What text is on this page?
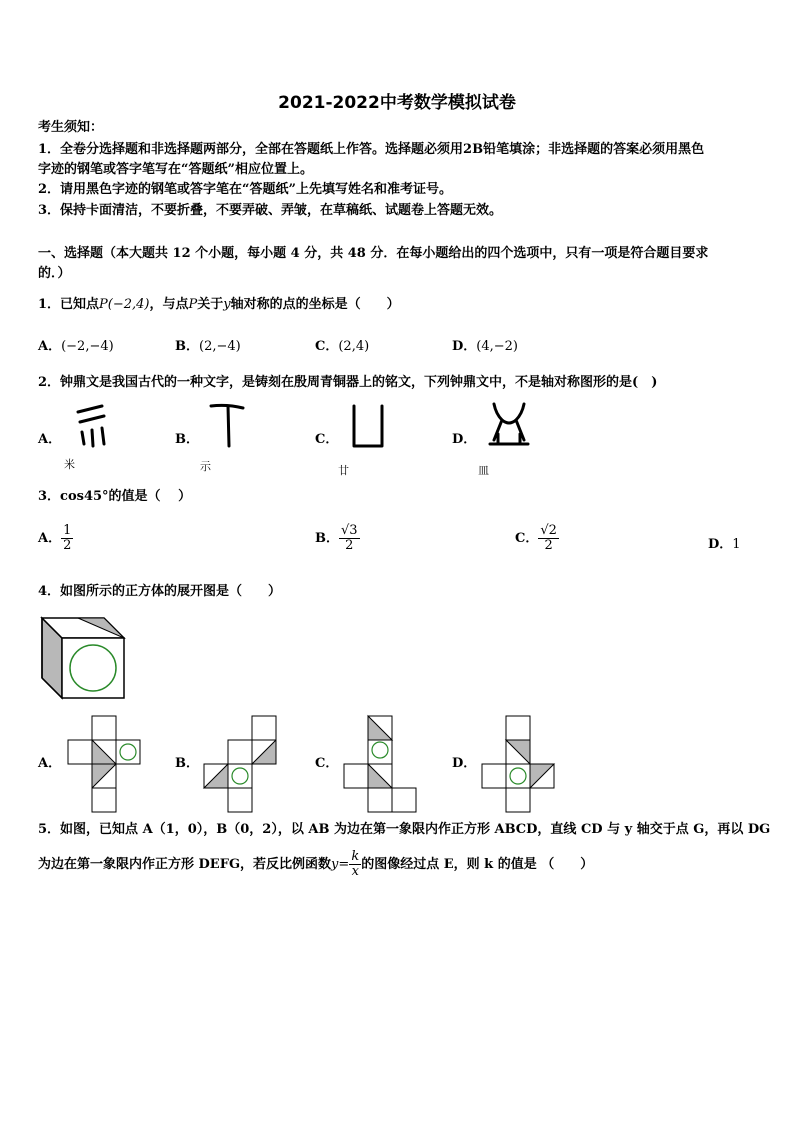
2021-2022中考数学模拟试卷
考生须知：
1．全卷分选择题和非选择题两部分，全部在答题纸上作答。选择题必须用2B铅笔填涂；非选择题的答案必须用黑色
字迹的钢笔或答字笔写在“答题纸”相应位置上。
2．请用黑色字迹的钢笔或答字笔在“答题纸”上先填写姓名和准考证号。
3．保持卡面清洁，不要折叠，不要弄破、弄皱，在草稿纸、试题卷上答题无效。
一、选择题（本大题共 12 个小题，每小题 4 分，共 48 分．在每小题给出的四个选项中，只有一项是符合题目要求
的．）
1．已知点P(−2,4)，与点P关于y轴对称的点的坐标是（　　）
A．(−2,−4)	B．(2,−4)	C．(2,4)	D．(4,−2)
2．钟鼎文是我国古代的一种文字，是铸刻在殷周青铜器上的铭文，下列钟鼎文中，不是轴对称图形的是(　)
A．
米
B．
示
C．
廿
D．
皿
3．cos45°的值是（　 ）
A． $\frac{1}{2}$	B． $\frac{√3}{2}$	C． $\frac{√2}{2}$	D．1
4．如图所示的正方体的展开图是（　　）
A．	B．	C．	D．
5．如图，已知点 A（1，0），B（0，2），以 AB 为边在第一象限内作正方形 ABCD，直线 CD 与 y 轴交于点 G，再以 DG
为边在第一象限内作正方形 DEFG，若反比例函数$y= \frac{k}{x}$ 的图像经过点 E，则 k 的值是 （　　）
